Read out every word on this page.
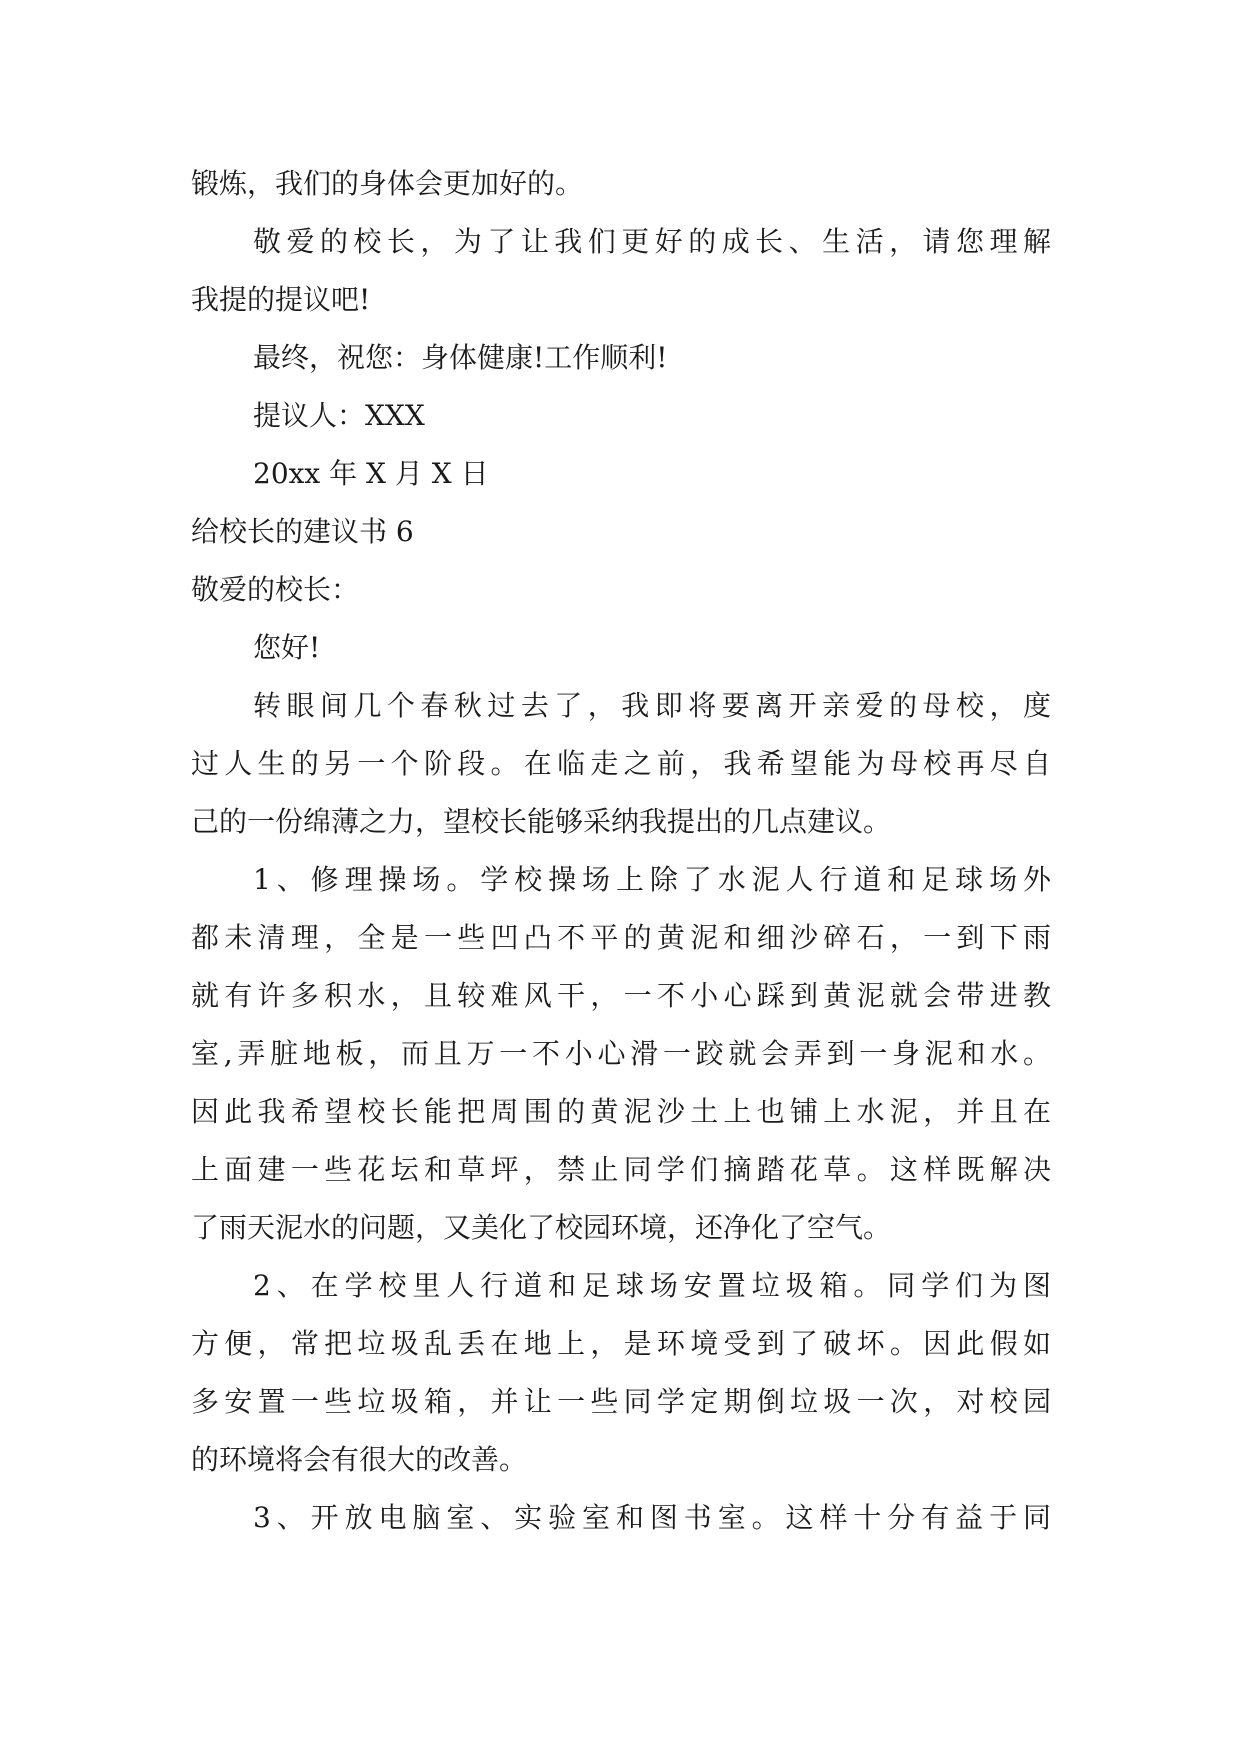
锻炼，我们的身体会更加好的。
敬爱的校长，为了让我们更好的成长、生活，请您理解
我提的提议吧!
最终，祝您：身体健康!工作顺利!
提议人：XXX
20xx 年 X 月 X 日
给校长的建议书 6
敬爱的校长：
您好!
转眼间几个春秋过去了，我即将要离开亲爱的母校，度
过人生的另一个阶段。在临走之前，我希望能为母校再尽自
己的一份绵薄之力，望校长能够采纳我提出的几点建议。
1、修理操场。学校操场上除了水泥人行道和足球场外
都未清理，全是一些凹凸不平的黄泥和细沙碎石，一到下雨
就有许多积水，且较难风干，一不小心踩到黄泥就会带进教
室,弄脏地板，而且万一不小心滑一跤就会弄到一身泥和水。
因此我希望校长能把周围的黄泥沙土上也铺上水泥，并且在
上面建一些花坛和草坪，禁止同学们摘踏花草。这样既解决
了雨天泥水的问题，又美化了校园环境，还净化了空气。
2、在学校里人行道和足球场安置垃圾箱。同学们为图
方便，常把垃圾乱丢在地上，是环境受到了破坏。因此假如
多安置一些垃圾箱，并让一些同学定期倒垃圾一次，对校园
的环境将会有很大的改善。
3、开放电脑室、实验室和图书室。这样十分有益于同
